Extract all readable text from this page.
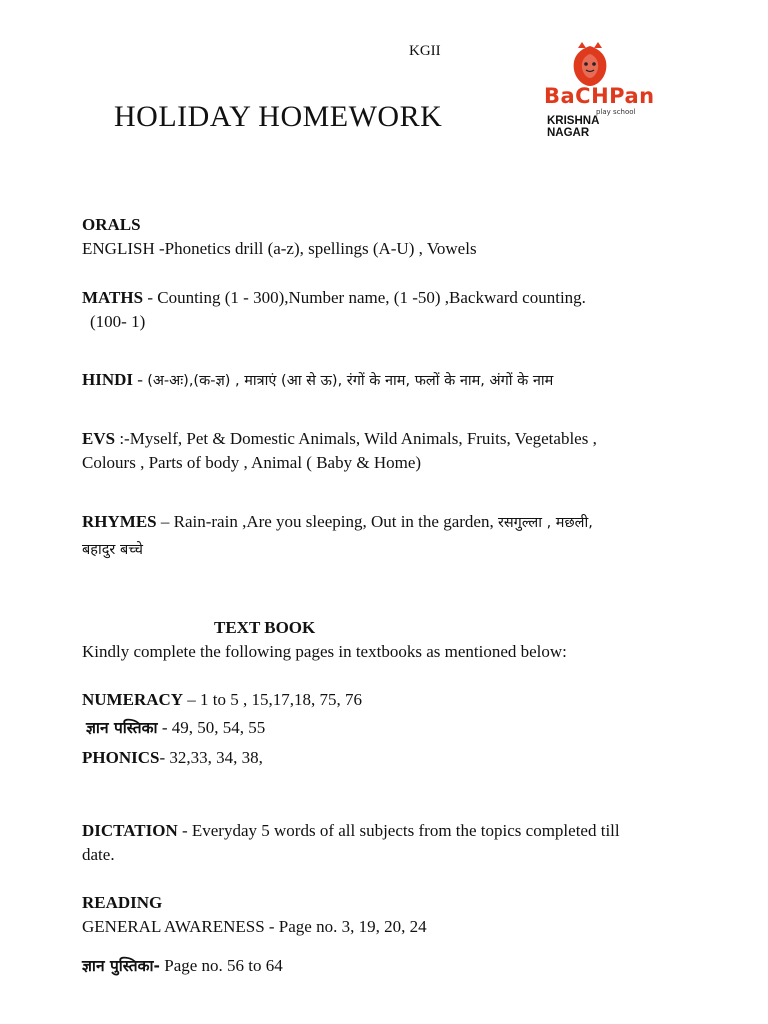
KGII
HOLIDAY HOMEWORK
BaCHPan
play school
KRISHNA NAGAR
ORALS
ENGLISH -Phonetics drill (a-z), spellings (A-U) , Vowels
MATHS - Counting (1 - 300),Number name, (1 -50) ,Backward counting.
(100- 1)
HINDI - (अ-अः),(क-ज्ञ) , मात्राएं (आ से ऊ), रंगों के नाम, फलों के नाम, अंगों के नाम
EVS :-Myself, Pet & Domestic Animals, Wild Animals, Fruits, Vegetables ,
Colours , Parts of body , Animal ( Baby & Home)
RHYMES – Rain-rain ,Are you sleeping, Out in the garden, रसगुल्ला , मछली,
बहादुर बच्चे
TEXT BOOK
Kindly complete the following pages in textbooks as mentioned below:
NUMERACY – 1 to 5 , 15,17,18, 75, 76
ज्ञान पस्तिका - 49, 50, 54, 55
PHONICS- 32,33, 34, 38,
DICTATION - Everyday 5 words of all subjects from the topics completed till
date.
READING
GENERAL AWARENESS - Page no. 3, 19, 20, 24
ज्ञान पुस्तिका- Page no. 56 to 64
